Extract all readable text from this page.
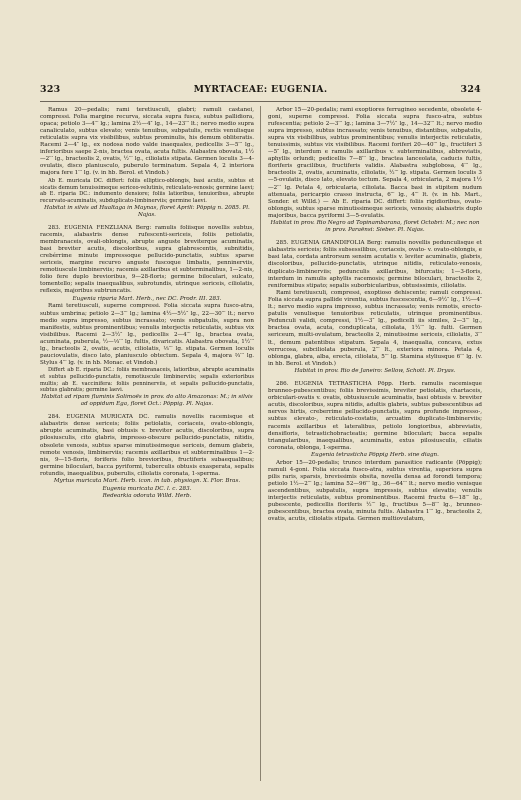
323	MYRTACEAE: EUGENIA.	324

Ramus 20—pedalis; rami teretiusculi, glabri; ramuli castanei, compressi. Folia margine recurva, siccata supra fusca, subtus pallidiora, opaca; petiolo 3—4′′′ lg.; lamina 2½—4″ lg., 14—23′′′ lt.; nervo medio supra canaliculato, subtus elevato; venis tenuibus, subpatulis, rectis venulisque reticulatis supra vix visibilibus, subtus prominulis, his demum obliteratis. Racemi 2—4″ lg., ex nodosa nodo valde inaequales, pedicellis 3—5′′′ lg., inferioribus saepe 2-nis, bractea ovata, acuta fultis. Alabastra obovata, 1½—2′′′ lg., bracteolis 2, ovatis, ½′′′ lg., ciliolatis stipata. Germen loculis 3—4-ovulatis, disco planiusculo, puberulo terminatum. Sepala 4, 2 interiora majora fere 1′′′ lg. (v. in hb. Berol. et Vindob.)

Ab E. muricata DC. differt: foliis elliptico-oblongis, basi acutis, subtus et sicatis demum tenuissimeque sericeo-velutinis, reticulato-venosis; germine laevi; ab E. riparia DC.: indumento densiore; foliis latioribus, tenuioribus, abrupte recurvato-acuminatis, subduplicato-limbinerviis; germine laevi.

Habitat in silvis ad Hualtaga in Maynas, floret Aprili: Pöppig n. 2085. Pl. Najas.

283. EUGENIA FENZLIANA Berg: ramulis foliisque novellis subtus, racemis, alabastris dense rufescenti-sericeis, foliis petiolatis, membranaceis, ovali-oblongis, abrupte anguste breviterque acuminatis, basi breviter acutis, discoloribus, supra glabrescentis, subnitidis, crebérrime minute impressoque pellucido-punctatis, subtus sparse sericeis, margine recurvo anguste fuscoque limbatis, penninerviis, remotiuscule limbinerviis; racemis axillaribus et subterminalibus, 1—2-nis, folio fere duplo brevioribus, 9—28-floris; germine biloculari, sulcato, tomentello; sepalis inaequalibus, subrotundis, utrinque sericeis, ciliolatis, reflexis, majoribus subtruncatis.

Eugenia riparia Mart. Herb., nec DC. Prodr. III. 283.

Rami teretiusculi, superne compressi. Folia siccata supra fusco-atra, subtus umbrina; petiolo 2—3′′′ lg.; lamina 4½—5½″ lg., 22—30′′′ lt.; nervo medio supra impresso, subtus incrassato; venis subpatulis, supra non manifestis, subtus prominentibus; venulis interjectis reticulatis, subtus vix visibilibus. Racemi 2—3½″ lg., pedicellis 2—4′′′ lg., bractea ovata, acuminata, puberula, ½—⅓′′′ lg. fultis, divaricatis. Alabastra obovata, 1½′′′ lg., bracteolis 2, ovatis, acutis, ciliolatis, ⅓′′′ lg. stipata. Germen loculis pauciovulatis, disco lato, planiusculo obtectum. Sepala 4, majora ⅔′′′ lg. Stylus 4′′′ lg. (v. in hb. Monac. et Vindob.)

Differt ab E. riparia DC.: foliis membranaceis, latioribus, abrupte acuminatis et subtus pellucido-punctatis, remotiuscule limbinerviis; sepalis exterioribus multis; ab E. vaccinifera: foliis penninerviis, et sepalis pellucido-punctatis, subtus glabratis; germine laevi.

Habitat ad ripam fluminis Solimoës in prov. do alto Amazonas: M.; in silvis ad oppidum Ega, floret Oct.: Pöppig. Pl. Najas.

284. EUGENIA MURICATA DC. ramulis novellis racemisque et alabastris dense sericeis; foliis petiolatis, coriaceis, ovato-oblongis, abrupte acuminatis, basi obtusis v. breviter acutis, discoloribus, supra pilosiusculis, cito glabris, impresso-obscure pellucido-punctatis, nitidis, obsolete venosis, subtus sparse minutissimeque sericeis, demum glabris, remote venosis, limbinerviis; racemis axillaribus et subterminalibus 1—2-nis, 9—15-floris, foriferis folio brevioribus, fructiferis subaequalibus; germine biloculari, bacca pyriformi, tuberculis obtusis exasperata, sepalis rotundis, inaequalibus, puberulis, ciliolatis coronata, 1-sperma.

Myrtus muricata Mart. Herb. icon. in tab. physiogn. X. Flor. Bras.

Eugenia muricata DC. l. c. 283.

Redearkia odorata Willd. Herb.

Arbor 15—20-pedalis; rami exoptiores ferrugineo secedente, obsolete 4-goni, superne compressi. Folia siccata supra fusco-atra, subtus rufescentia; petiolo 2—3′′′ lg.; lamina 3—7½″ lg., 14—32′′′ lt.; nervo medio supra impresso, subtus incrassato; venis tenuibus, distantibus, subpatulis, supra vix visibilibus, subtus prominentibus; venulis interjectis reticulatis, tenuissimis, subtus vix visibilibus. Racemi foriferi 20—40′′′ lg., fructiferi 3—5″ lg., interdum e ramulis axillaribus v. subterminalibus, abbreviatis, aphyllis orlundi; pedicellis 7—8′′′ lg., bractea lanceolata, caducis fultis, floriferis gracilibus, fructiferis validis. Alabastra subglobosa, 4′′′ lg., bracteolis 2, ovatis, acuminatis, ciliolatis, ½′′′ lg. stipata. Germen loculis 3—5-ovulatis, disco lato, elevato tectum. Sepala 4, orbicularia, 2 majora 1½—2′′′ lg. Petala 4, orbicularia, ciliolata. Bacca basi in stipitem nudum attenuata, pericarpio crasso instructa, 6′′′ lg., 4′′′ lt. (v. in hb. Mart., Sonder. et Willd.) — Ab E. riparia DC. differt: foliis rigidioribus, ovato-oblongis, subtus sparse minutissimeque sericeis, venosis; alabastris duplo majoribus, bacca pyriformi 3—5-ovulatis.

Habitat in prov. Rio Negro ad Topinambarana, floret Octobri: M.; nec non in prov. Paraënsi: Sieber. Pl. Najas.

285. EUGENIA GRANDIFOLIA Berg: ramulis novellis pedunculisque et alabastris sericeis; foliis subsessilibus, coriaceis, ovato- v. ovato-oblongis, e basi lata, cordata antrorsum sensim acutatis v. leviter acuminatis, glabris, discoloribus, pellucido-punctatis, utrinque nitidis, reticulato-venosis, duplicato-limbinerviis; pedunculis axillaribus, bifurcatis; 1—3-floris, interdum in ramulis aphyllis racemosis; germine biloculari, bracteolis 2, reniformibus stipato; sepalis suborbicularibus, obtusissimis, ciliolatis.

Rami teretiusculi, compressi, exoptioso dehiscente; ramuli compressi. Folia siccata supra pallide virentia, subtus fuscescentia, 6—9½″ lg., 1½—4″ lt.; nervo medio supra impresso, subtus incrassato; venis remotis, erecto-patulis venulisque tenuioribus reticulatis, utrinque prominentibus. Pedunculi validi, compressi, 1½—3″ lg., pedicelli iis similes, 2—3′′′ lg., bractea ovata, acuta, conduplicata, ciliolata, 1½′′′ lg. fulti. Germen sericeum, multi-ovulatum, bracteolis 2, minutissime sericeis, ciliolatis, 3′′′ lt., demum patentibus stipatum. Sepala 4, inaequalia, concava, extus verrucosa, subciliolata puberula, 2′′′ lt., exteriora minora. Petala 4, oblonga, glabra, alba, erecta, ciliolata, 5′′′ lg. Stamina styliusque 6′′′ lg. (v. in hb. Berol. et Vindob.)

Habitat in prov. Rio de Janeiro: Sellow, Schott. Pl. Dryas.

286. EUGENIA TETRASTICHA Pöpp. Herb. ramulis racemisque brunneo-pubescentibus; foliis brevissimis, breviter petiolatis, chartaceis, orbiculari-ovatis v. ovatis, obtusiuscule acuminatis, basi obtusis v. breviter acutis, discoloribus, supra nitidis, adultis glabris, subtus pubescentibus ad nervos hirtis, creberrime pellucido-punctatis, supra profunde impresso-, subtus elevato-, reticulato-costatis, arcuatim duplicato-limbinerviis; racemis axillaribus et lateralibus, petiolo longioribus, abbreviatis, densifloris, tetrastichobracteatis; germine biloculari; bacca sepalis triangularibus, inaequalibus, acuminatis, extus pilosiusculis, ciliatis coronata, oblonga, 1-sperma.

Eugenia tetrasticha Pöppig Herb. sine diagn.

Arbor 15—20-pedalis; trunco interdum parasitice radicante (Pöppig); ramuli 4-goni. Folia siccata fusco-atra, subtus virentia, superiora supra pilis raris, sparsis, brevissimis obsita, novella densa ad forondi tempora; petiolo 1½—2′′′ lg.; lamina 52—96′′′ lg., 36—64′′′ lt.; nervo medio venisque ascendentibus, subpatulis, supra impressis, subtus elevatis; venulis interjectis reticulatis, subtus prominentibus. Racemi fructu 6—18′′′ lg., pubescente, pedicellis floriferis ½′′′ lg., fructibus 5—8′′′ lg., brunneo-pubescentibus, bractea ovata, minuta fultis. Alabastra 1′′′ lg., bracteolis 2, ovatis, acutis, ciliolatis stipata. Germen multiovulatum,
